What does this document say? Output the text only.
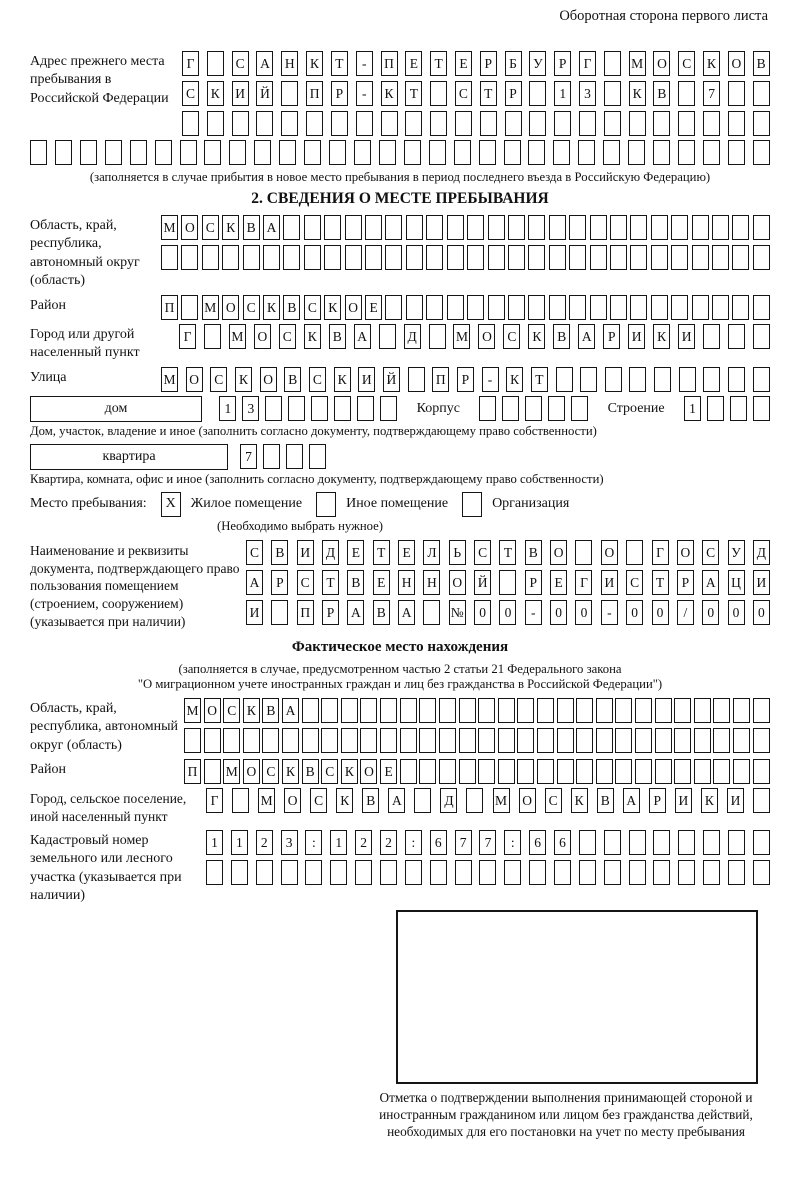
Оборотная сторона первого листа
Адрес прежнего места пребывания в Российской Федерации
Г	С А Н К	Т	-	П	Е	Т	Е	Р	Б	У	Р	Г	М О С К О В
С К И Й	П	Р	-	К	Т	С	Т	Р	1	3	К В	7
(заполняется в случае прибытия в новое место пребывания в период последнего въезда в Российскую Федерацию)
2. СВЕДЕНИЯ О МЕСТЕ ПРЕБЫВАНИЯ
Область, край, республика, автономный округ (область)
М О С К В А
Район	П М О С К В С К О Е
Город или другой населенный пункт
Г	М О С К В А	Д	М О С К В А	Р	И К И
Улица	М О С К О В С К И Й	П	Р	-	К	Т
дом	1	3	Корпус	Строение	1
Дом, участок, владение и иное (заполнить согласно документу, подтверждающему право собственности)
квартира	7
Квартира, комната, офис и иное (заполнить согласно документу, подтверждающему право собственности)
Место пребывания:	X	Жилое помещение	Иное помещение	Организация
(Необходимо выбрать нужное)
Наименование и реквизиты документа, подтверждающего право пользования помещением (строением, сооружением) (указывается при наличии)
С В И Д	Е	Т	Е	Л	Ь	С	Т	В О	О	Г	О С У Д
А	Р	С	Т	В	Е	Н Н О Й	Р	Е	Г	И С	Т	Р	А Ц И
И	П	Р	А В А	№	0	0	-	0	0	-	0	0	/	0	0	0
Фактическое место нахождения
(заполняется в случае, предусмотренном частью 2 статьи 21 Федерального закона
"О миграционном учете иностранных граждан и лиц без гражданства в Российской Федерации")
Область, край, республика, автономный округ (область)
М О С К В А
Район	П М О С К В С К О Е
Город, сельское поселение, иной населенный пункт
Г	М О С К В А	Д	М О С К В А	Р	И К И
Кадастровый номер земельного или лесного участка (указывается при наличии)
1	1	2	3	:	1	2	2	:	6	7	7	:	6	6
Отметка о подтверждении выполнения принимающей стороной и иностранным гражданином или лицом без гражданства действий, необходимых для его постановки на учет по месту пребывания
